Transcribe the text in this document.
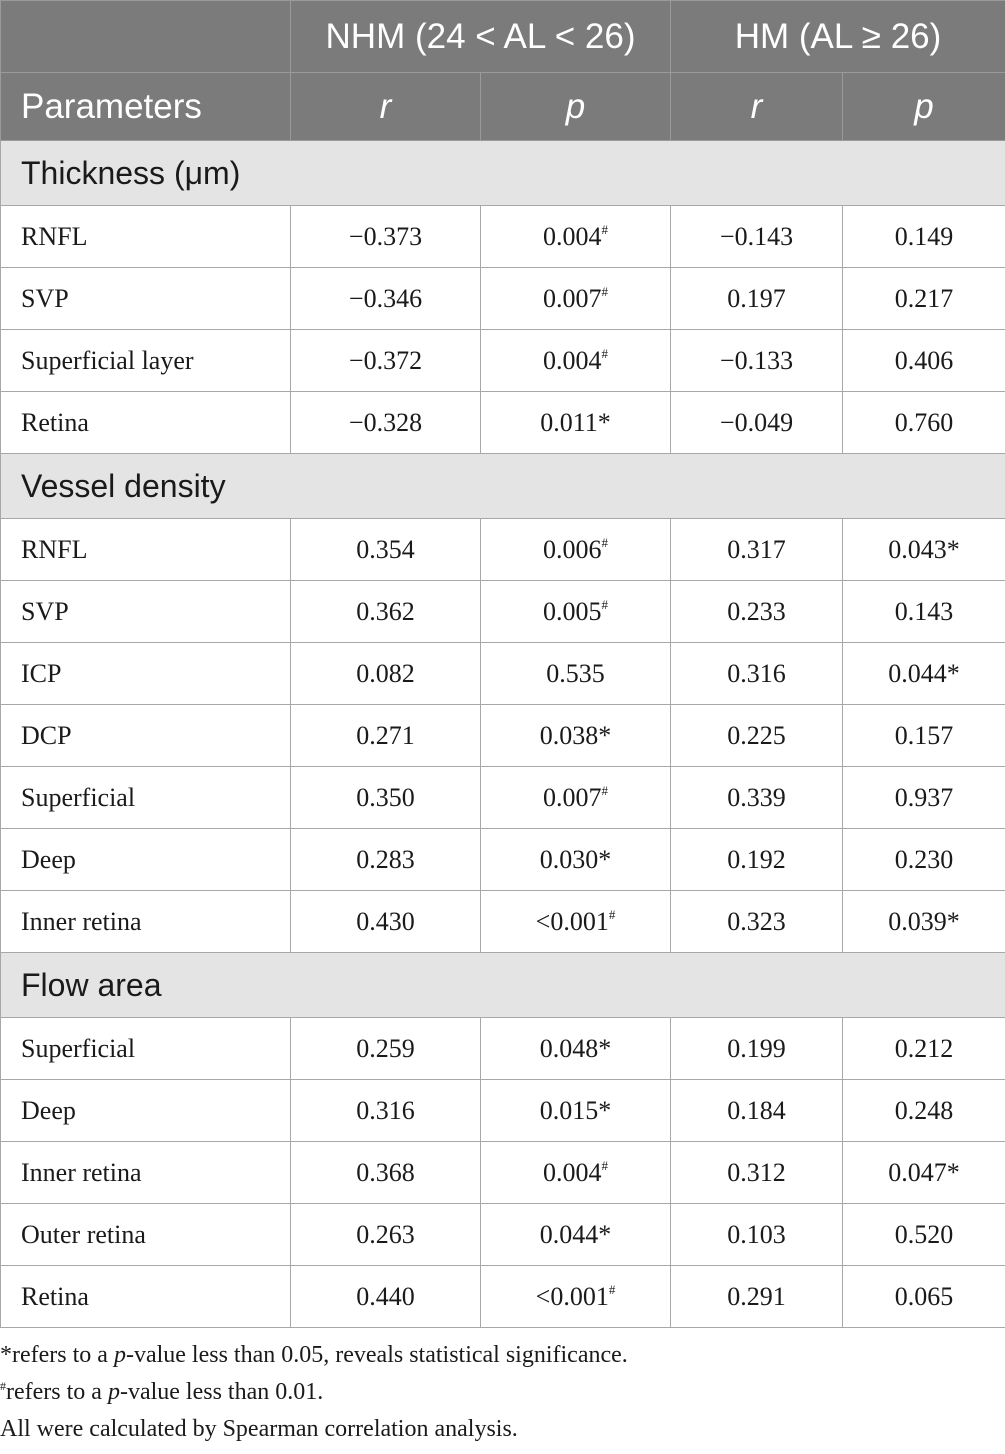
	NHM (24 < AL < 26)		HM (AL ≥ 26)	
Parameters	r	p	r	p
Thickness (μm)				
RNFL	−0.373	0.004#	−0.143	0.149
SVP	−0.346	0.007#	0.197	0.217
Superficial layer	−0.372	0.004#	−0.133	0.406
Retina	−0.328	0.011*	−0.049	0.760
Vessel density				
RNFL	0.354	0.006#	0.317	0.043*
SVP	0.362	0.005#	0.233	0.143
ICP	0.082	0.535	0.316	0.044*
DCP	0.271	0.038*	0.225	0.157
Superficial	0.350	0.007#	0.339	0.937
Deep	0.283	0.030*	0.192	0.230
Inner retina	0.430	<0.001#	0.323	0.039*
Flow area				
Superficial	0.259	0.048*	0.199	0.212
Deep	0.316	0.015*	0.184	0.248
Inner retina	0.368	0.004#	0.312	0.047*
Outer retina	0.263	0.044*	0.103	0.520
Retina	0.440	<0.001#	0.291	0.065
*refers to a p-value less than 0.05, reveals statistical significance.
#refers to a p-value less than 0.01.
All were calculated by Spearman correlation analysis.
